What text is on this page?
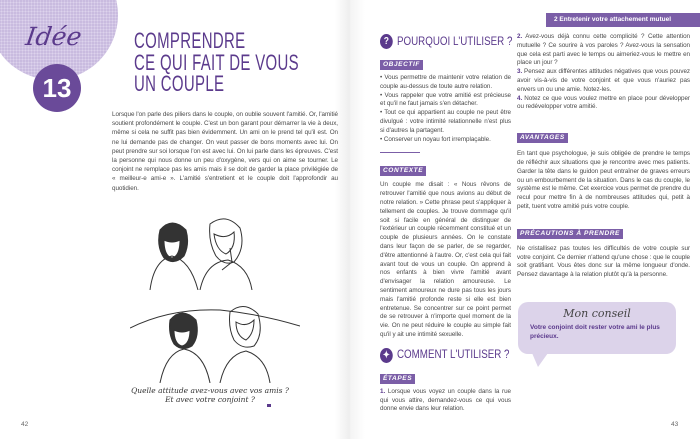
Idée
13
COMPRENDRE
CE QUI FAIT DE VOUS
UN COUPLE

Lorsque l'on parle des piliers dans le couple, on oublie souvent l'amitié. Or, l'amitié soutient profondément le couple. C'est un bon garant pour démarrer la vie à deux, même si cela ne suffit pas bien évidemment. Un ami on le prend tel qu'il est. On ne lui demande pas de changer. On veut passer de bons moments avec lui. On peut prendre sur soi lorsque l'on est avec lui. On lui parle dans les épreuves. C'est la personne qui nous donne un peu d'oxygène, vers qui on aime se tourner. Le conjoint ne remplace pas les amis mais il se doit de garder la place privilégiée de « meilleur-e ami-e ». L'amitié s'entretient et le couple doit l'approfondir au quotidien.

Quelle attitude avez-vous avec vos amis ?
Et avec votre conjoint ?
42
2 Entretenir votre attachement mutuel
? POURQUOI L'UTILISER ?
OBJECTIF
• Vous permettre de maintenir votre relation de couple au-dessus de toute autre relation.
• Vous rappeler que votre amitié est précieuse et qu'il ne faut jamais s'en détacher.
• Tout ce qui appartient au couple ne peut être divulgué : votre intimité relationnelle n'est plus si d'autres la partagent.
• Conserver un noyau fort irremplaçable.
CONTEXTE

Un couple me disait : « Nous rêvons de retrouver l'amitié que nous avions au début de notre relation. » Cette phrase peut s'appliquer à tellement de couples. Je trouve dommage qu'il soit si facile en général de distinguer de l'extérieur un couple récemment constitué et un couple de plusieurs années. On le constate dans leur façon de se parler, de se regarder, d'être attentionné à l'autre. Or, c'est cela qui fait avant tout de vous un couple. On apprend à nos enfants à bien vivre l'amitié avant d'envisager la relation amoureuse. Le sentiment amoureux ne dure pas tous les jours mais l'amitié profonde reste si elle est bien entretenue. Se concentrer sur ce point permet de se retrouver à n'importe quel moment de la vie. On ne peut réduire le couple au simple fait qu'il y ait une intimité sexuelle.

✦ COMMENT L'UTILISER ?
ÉTAPES

1. Lorsque vous voyez un couple dans la rue qui vous attire, demandez-vous ce qui vous donne envie dans leur relation.

2. Avez-vous déjà connu cette complicité ? Cette attention mutuelle ? Ce sourire à vos paroles ? Avez-vous la sensation que cela est parti avec le temps ou aimeriez-vous le mettre en place un jour ?

3. Pensez aux différentes attitudes négatives que vous pouvez avoir vis-à-vis de votre conjoint et que vous n'auriez pas envers un ou une amie. Notez-les.

4. Notez ce que vous voulez mettre en place pour développer ou redévelopper votre amitié.

AVANTAGES

En tant que psychologue, je suis obligée de prendre le temps de réfléchir aux situations que je rencontre avec mes patients. Garder la tête dans le guidon peut entraîner de graves erreurs ou un embourbement de la situation. Dans le cas du couple, le système est le même. Cet exercice vous permet de prendre du recul pour mettre fin à de nombreuses attitudes qui, petit à petit, tuent votre amitié puis votre couple.

PRÉCAUTIONS À PRENDRE

Ne cristallisez pas toutes les difficultés de votre couple sur votre conjoint. Ce dernier n'attend qu'une chose : que le couple soit gratifiant. Vous êtes donc sur la même longueur d'onde. Pensez davantage à la relation plutôt qu'à la personne.

Mon conseil
Votre conjoint doit rester votre ami le plus précieux.
43
